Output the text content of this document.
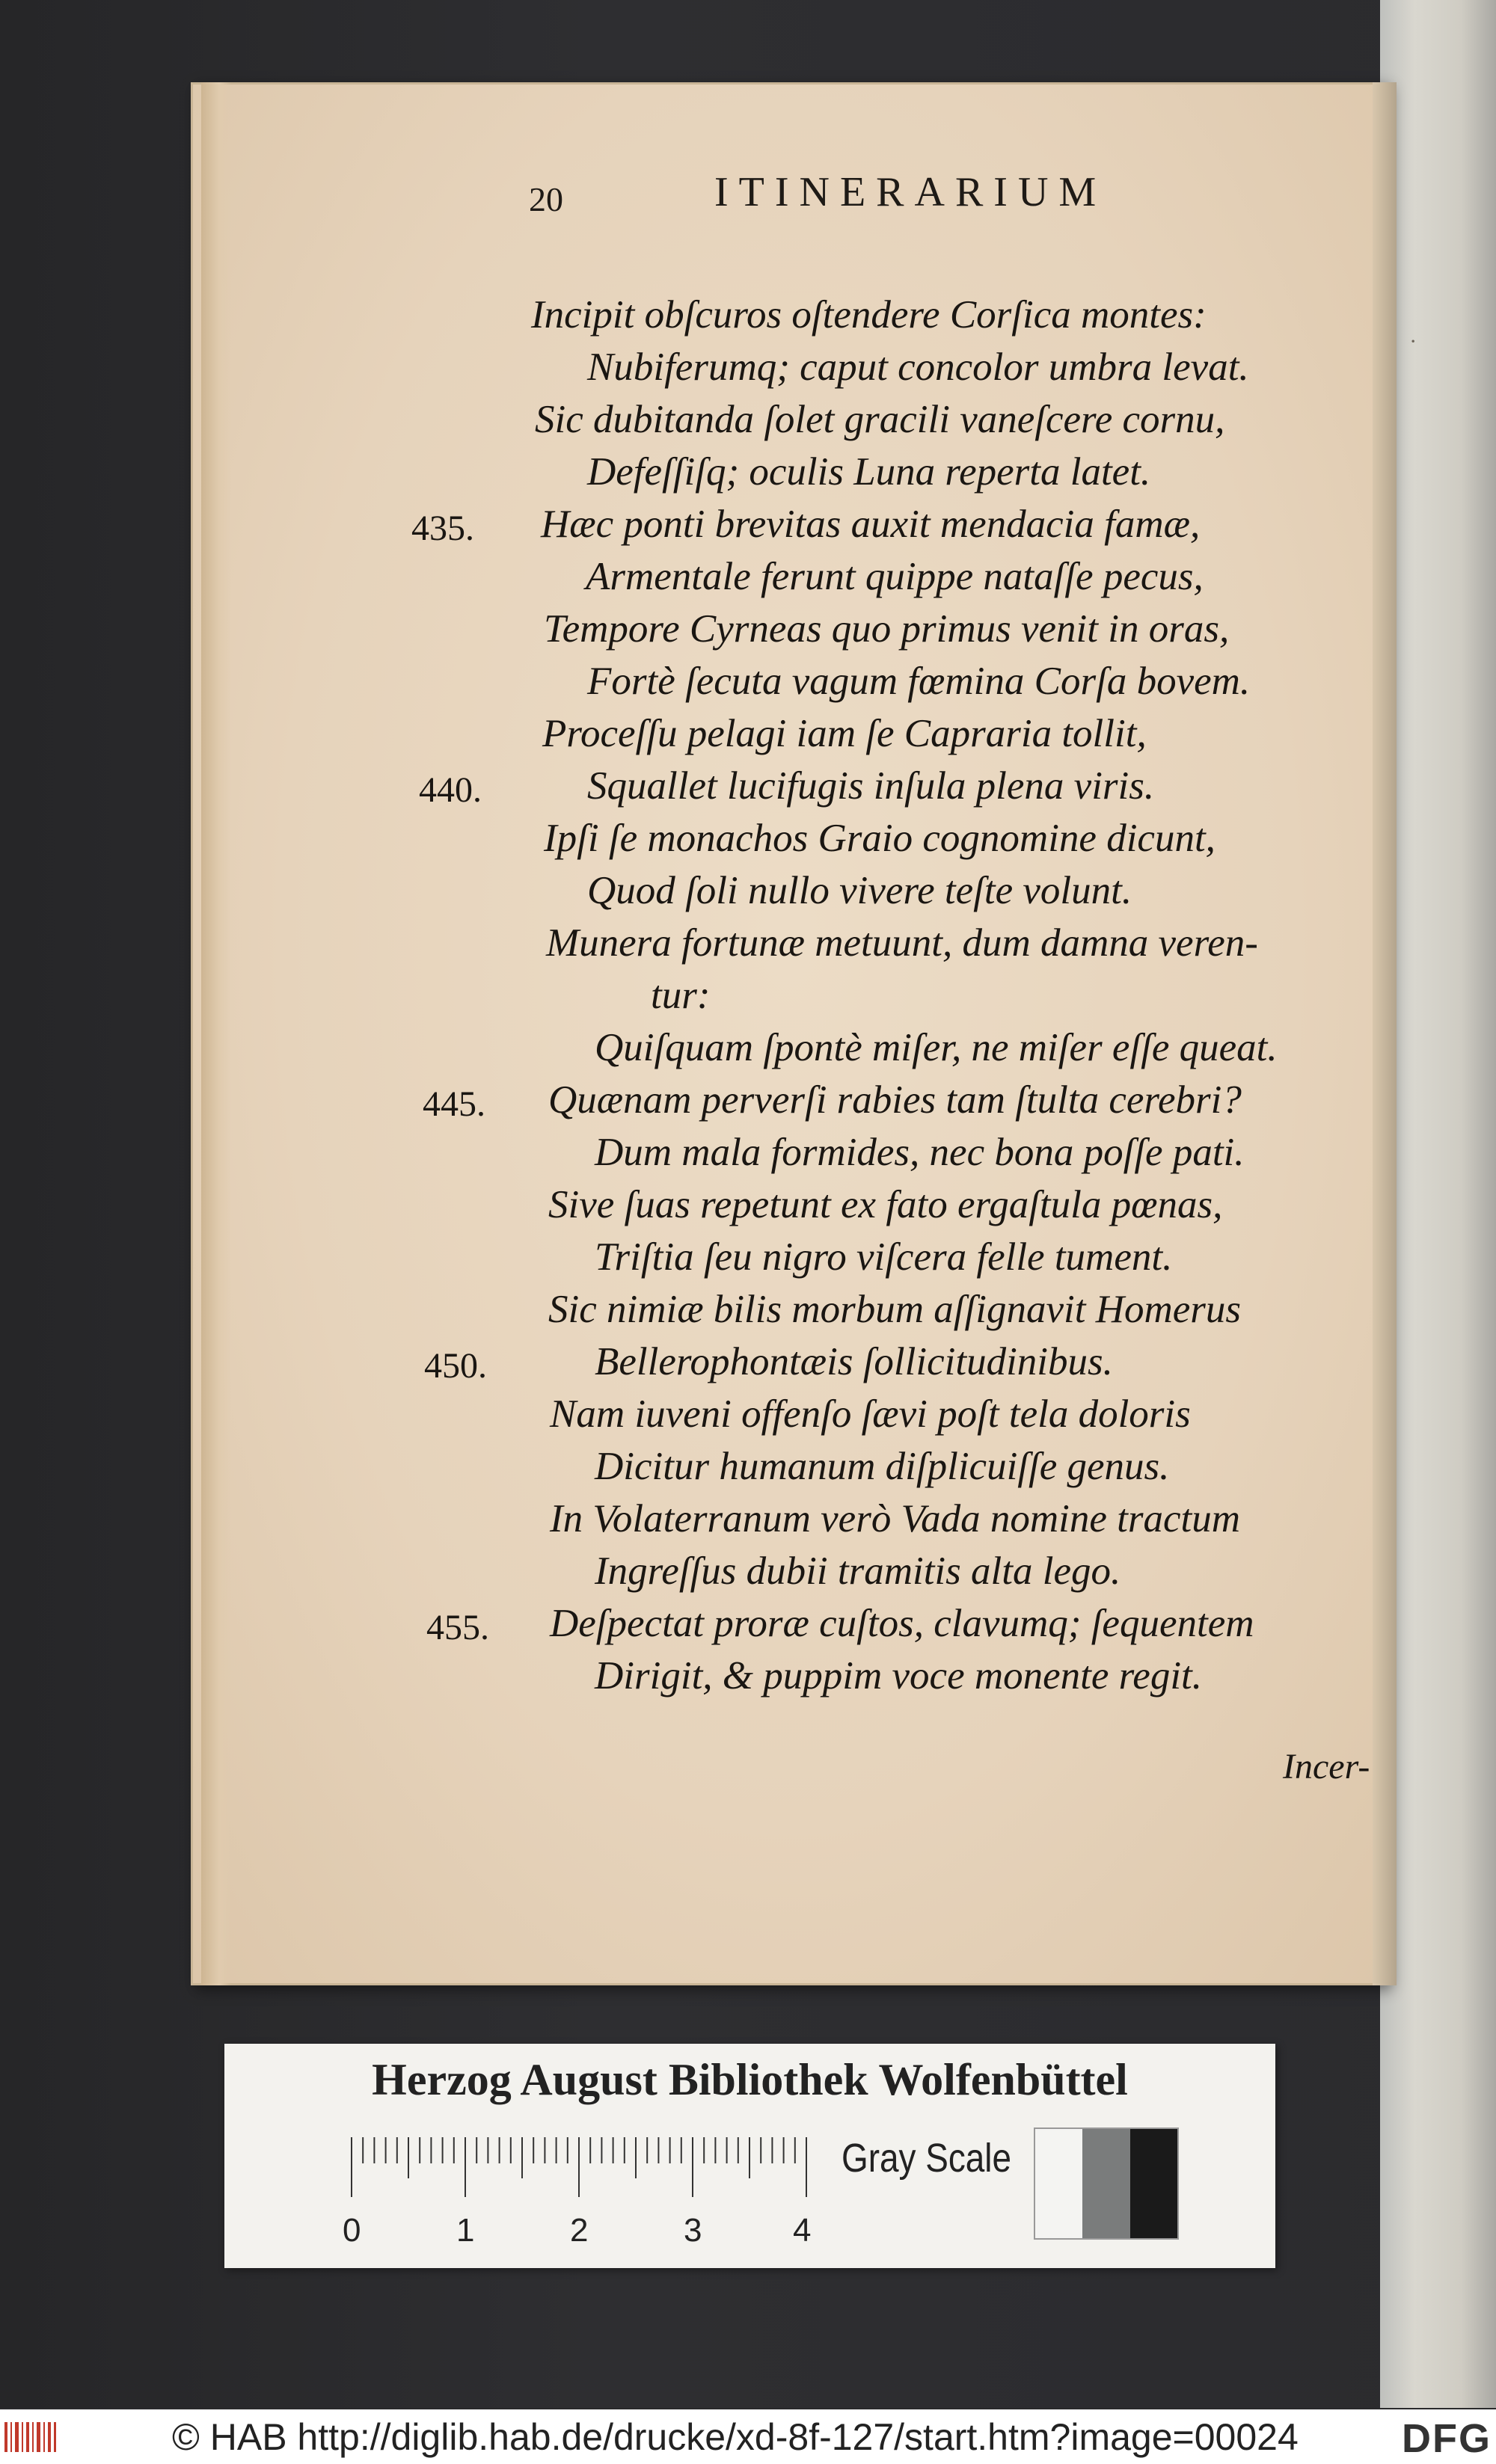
·
20	ITINERARIUM
Incipit obſcuros oſtendere Corſica montes:
Nubiferumq; caput concolor umbra levat.
Sic dubitanda ſolet gracili vaneſcere cornu,
Defeſſiſq; oculis Luna reperta latet.
Hæc ponti brevitas auxit mendacia famæ,
435.
Armentale ferunt quippe nataſſe pecus,
Tempore Cyrneas quo primus venit in oras,
Fortè ſecuta vagum fœmina Corſa bovem.
Proceſſu pelagi iam ſe Capraria tollit,
Squallet lucifugis inſula plena viris.
440.
Ipſi ſe monachos Graio cognomine dicunt,
Quod ſoli nullo vivere teſte volunt.
Munera fortunæ metuunt, dum damna veren-
tur:
Quiſquam ſpontè miſer, ne miſer eſſe queat.
Quænam perverſi rabies tam ſtulta cerebri?
445.
Dum mala formides, nec bona poſſe pati.
Sive ſuas repetunt ex fato ergaſtula pœnas,
Triſtia ſeu nigro viſcera felle tument.
Sic nimiæ bilis morbum aſſignavit Homerus
Bellerophontæis ſollicitudinibus.
450.
Nam iuveni offenſo ſævi poſt tela doloris
Dicitur humanum diſplicuiſſe genus.
In Volaterranum verò Vada nomine tractum
Ingreſſus dubii tramitis alta lego.
Deſpectat proræ cuſtos, clavumq; ſequentem
455.
Dirigit, & puppim voce monente regit.
Incer-
Herzog August Bibliothek Wolfenbüttel
0	1	2	3	4
Gray Scale
© HAB http://diglib.hab.de/drucke/xd-8f-127/start.htm?image=00024	DFG
